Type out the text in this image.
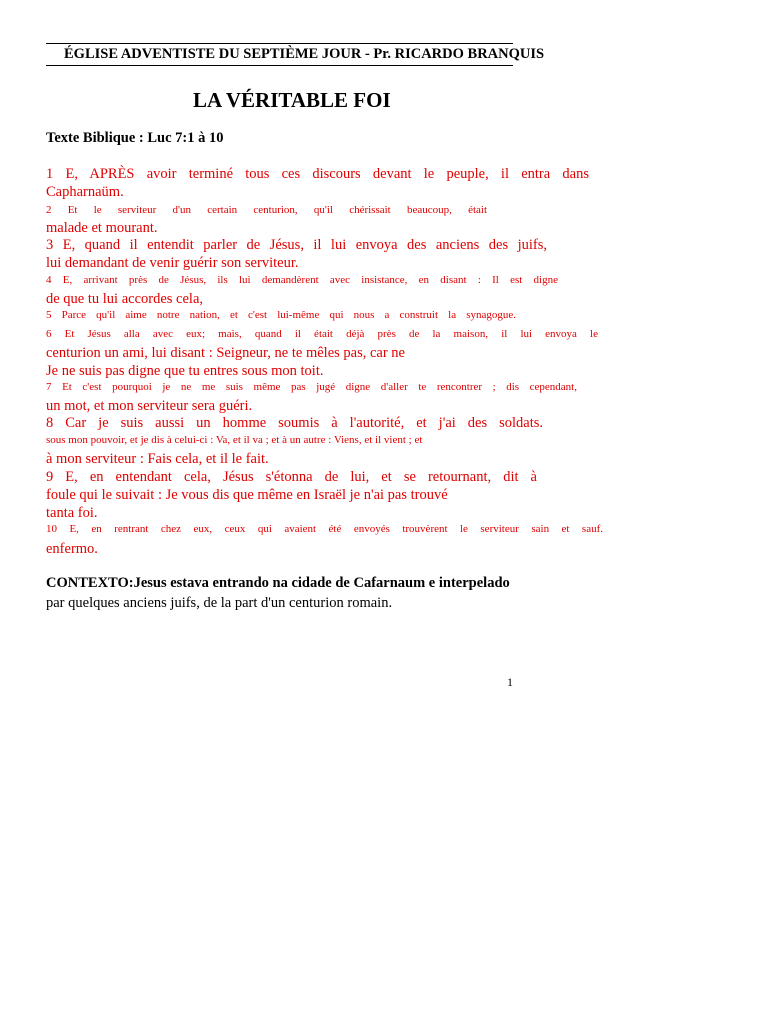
ÉGLISE ADVENTISTE DU SEPTIÈME JOUR - Pr. RICARDO BRANQUIS
LA VÉRITABLE FOI
Texte Biblique : Luc 7:1 à 10
1 E, APRÈS avoir terminé tous ces discours devant le peuple, il entra dans
Capharnaüm.
2 Et le serviteur d'un certain centurion, qu'il chérissait beaucoup, était
malade et mourant.
3 E, quand il entendit parler de Jésus, il lui envoya des anciens des juifs,
lui demandant de venir guérir son serviteur.
4 E, arrivant près de Jésus, ils lui demandèrent avec insistance, en disant : Il est digne
de que tu lui accordes cela,
5 Parce qu'il aime notre nation, et c'est lui-même qui nous a construit la synagogue.
6 Et Jésus alla avec eux; mais, quand il était déjà près de la maison, il lui envoya le
centurion un ami, lui disant : Seigneur, ne te mêles pas, car ne
Je ne suis pas digne que tu entres sous mon toit.
7 Et c'est pourquoi je ne me suis même pas jugé digne d'aller te rencontrer ; dis cependant,
un mot, et mon serviteur sera guéri.
8 Car je suis aussi un homme soumis à l'autorité, et j'ai des soldats.
sous mon pouvoir, et je dis à celui-ci : Va, et il va ; et à un autre : Viens, et il vient ; et
à mon serviteur : Fais cela, et il le fait.
9 E, en entendant cela, Jésus s'étonna de lui, et se retournant, dit à
foule qui le suivait : Je vous dis que même en Israël je n'ai pas trouvé
tanta foi.
10 E, en rentrant chez eux, ceux qui avaient été envoyés trouvèrent le serviteur sain et sauf.
enfermo.
CONTEXTO:Jesus estava entrando na cidade de Cafarnaum e interpelado
par quelques anciens juifs, de la part d'un centurion romain.
1
